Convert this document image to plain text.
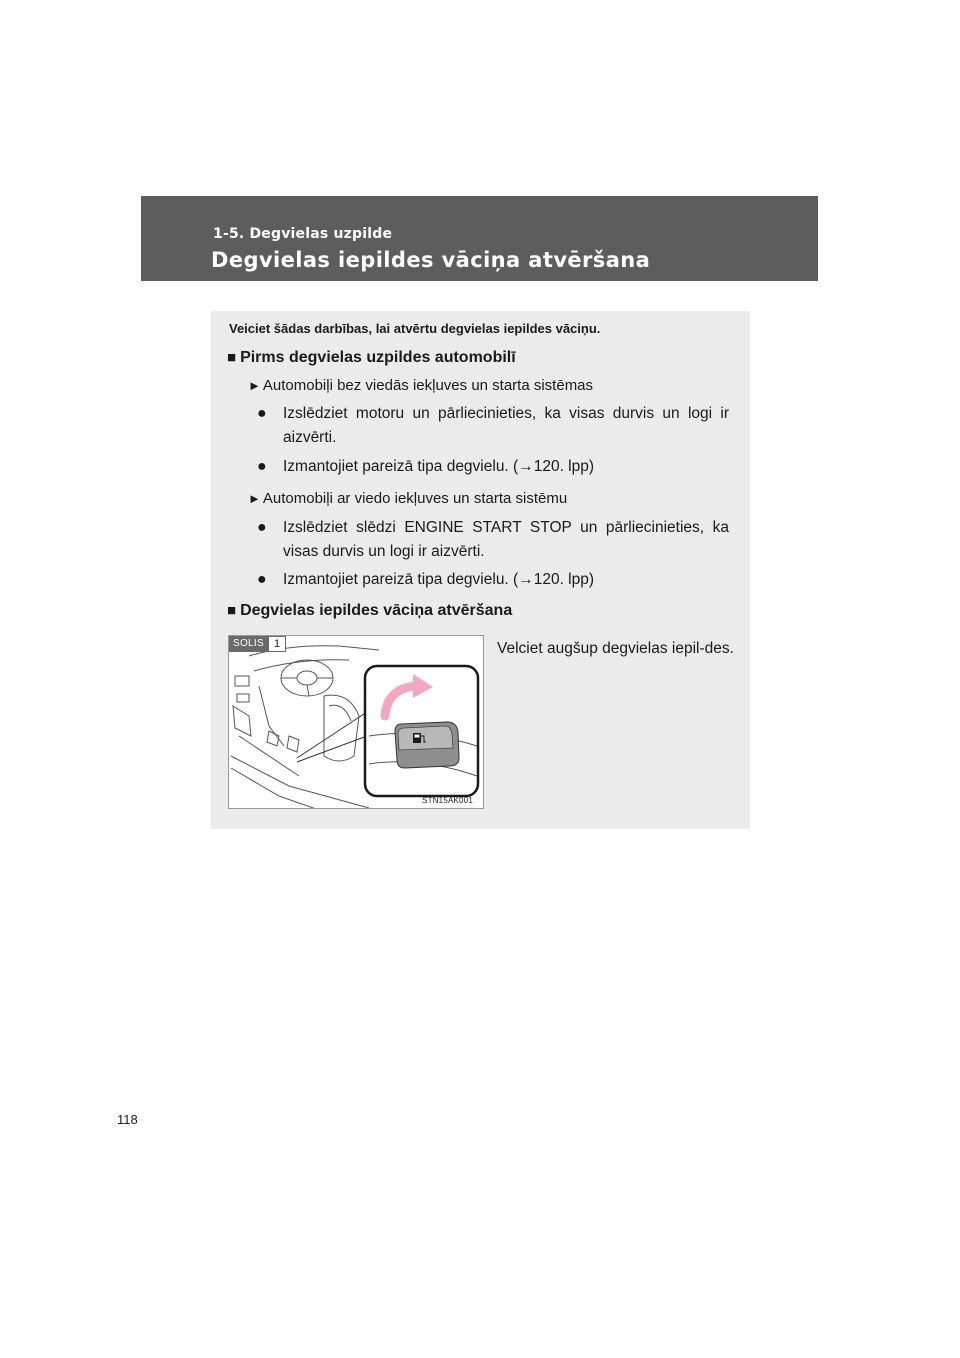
1-5. Degvielas uzpilde
Degvielas iepildes vāciņa atvēršana
Veiciet šādas darbības, lai atvērtu degvielas iepildes vāciņu.
■ Pirms degvielas uzpildes automobilī
► Automobiļi bez viedās iekļuves un starta sistēmas
● Izslēdziet motoru un pārliecinieties, ka visas durvis un logi ir aizvērti.
● Izmantojiet pareizā tipa degvielu. (→120. lpp)
► Automobiļi ar viedo iekļuves un starta sistēmu
● Izslēdziet slēdzi ENGINE START STOP un pārliecinieties, ka visas durvis un logi ir aizvērti.
● Izmantojiet pareizā tipa degvielu. (→120. lpp)
■ Degvielas iepildes vāciņa atvēršana
SOLIS 1
STN15AK001
Velciet augšup degvielas iepil-des.
118
